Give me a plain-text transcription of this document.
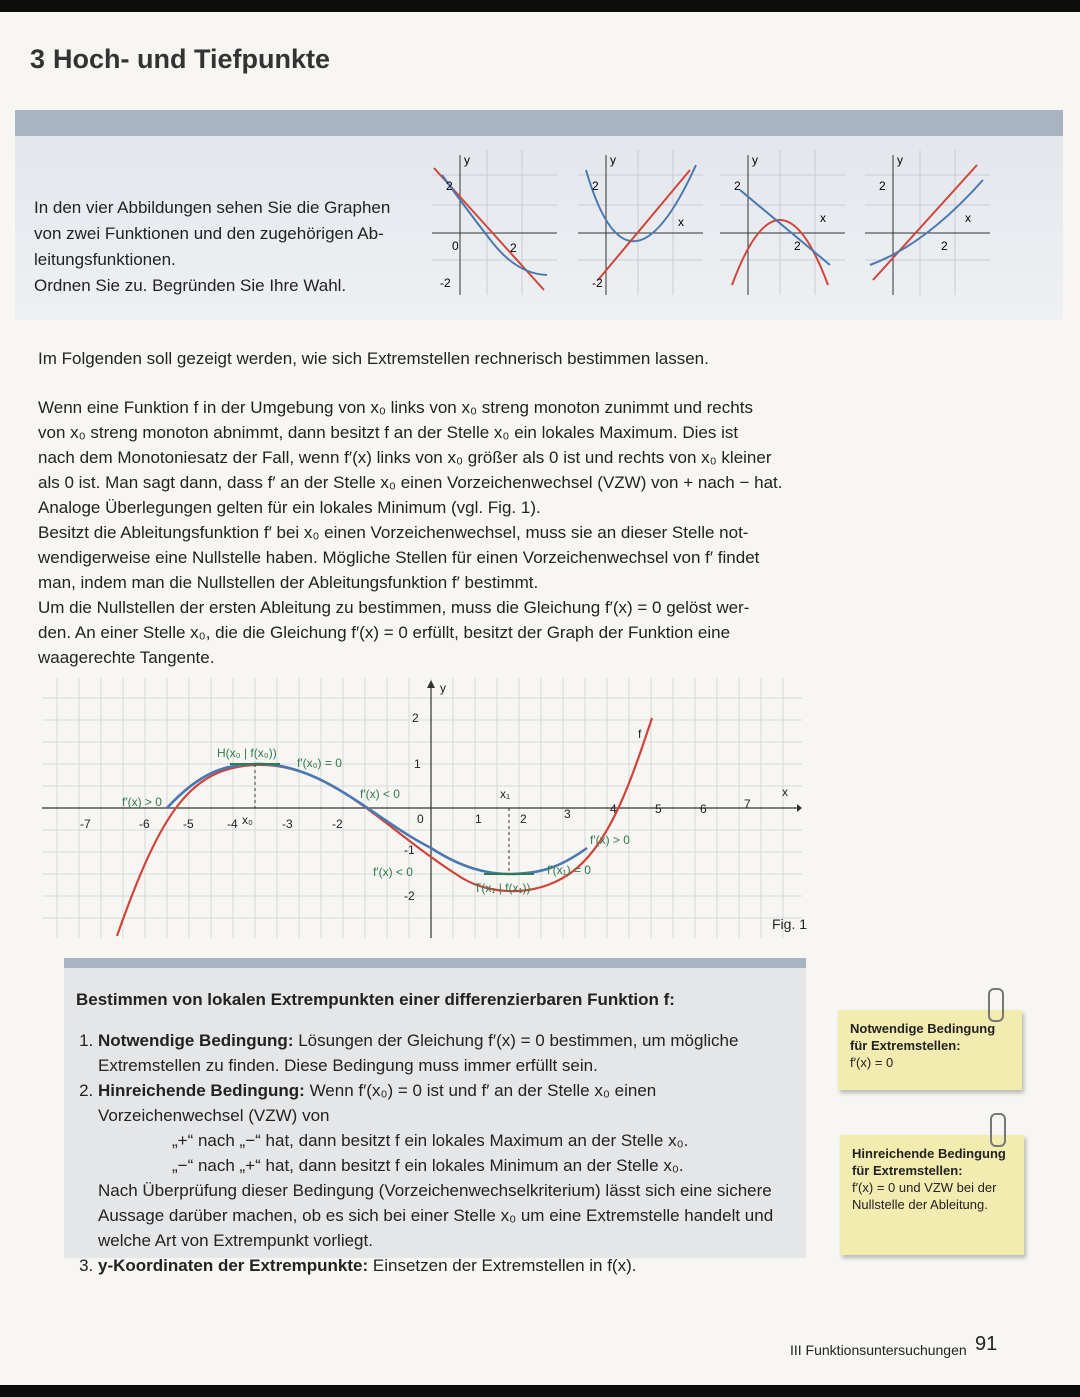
3 Hoch- und Tiefpunkte
In den vier Abbildungen sehen Sie die Graphen
von zwei Funktionen und den zugehörigen Ab-
leitungsfunktionen.
Ordnen Sie zu. Begründen Sie Ihre Wahl.
y
2
0
-2
2
y
2
x
-2
y
2
x
2
y
2
x
2
Im Folgenden soll gezeigt werden, wie sich Extremstellen rechnerisch bestimmen lassen.
Wenn eine Funktion f in der Umgebung von x₀ links von x₀ streng monoton zunimmt und rechts
von x₀ streng monoton abnimmt, dann besitzt f an der Stelle x₀ ein lokales Maximum. Dies ist
nach dem Monotoniesatz der Fall, wenn f′(x) links von x₀ größer als 0 ist und rechts von x₀ kleiner
als 0 ist. Man sagt dann, dass f′ an der Stelle x₀ einen Vorzeichenwechsel (VZW) von + nach − hat.
Analoge Überlegungen gelten für ein lokales Minimum (vgl. Fig. 1).
Besitzt die Ableitungsfunktion f′ bei x₀ einen Vorzeichenwechsel, muss sie an dieser Stelle not-
wendigerweise eine Nullstelle haben. Mögliche Stellen für einen Vorzeichenwechsel von f′ findet
man, indem man die Nullstellen der Ableitungsfunktion f′ bestimmt.
Um die Nullstellen der ersten Ableitung zu bestimmen, muss die Gleichung f′(x) = 0 gelöst wer-
den. An einer Stelle x₀, die die Gleichung f′(x) = 0 erfüllt, besitzt der Graph der Funktion eine
waagerechte Tangente.
-7	-6	-5	-4	-3	-2	1	2	3	4	5	6	7
2
1
-1
-2
0
y
x
f
x₀
x₁
H(x₀ | f(x₀))
f′(x₀) = 0
f′(x) > 0
f′(x) < 0
f′(x) < 0
f′(x) > 0
f′(x₁) = 0
T(x₁ | f(x₁))
Fig. 1
Bestimmen von lokalen Extrempunkten einer differenzierbaren Funktion f:
1. Notwendige Bedingung: Lösungen der Gleichung f′(x) = 0 bestimmen, um mögliche Extremstellen zu finden. Diese Bedingung muss immer erfüllt sein.
2. Hinreichende Bedingung: Wenn f′(x₀) = 0 ist und f′ an der Stelle x₀ einen Vorzeichenwechsel (VZW) von
„+“ nach „−“ hat, dann besitzt f ein lokales Maximum an der Stelle x₀.
„−“ nach „+“ hat, dann besitzt f ein lokales Minimum an der Stelle x₀.
Nach Überprüfung dieser Bedingung (Vorzeichenwechselkriterium) lässt sich eine sichere Aussage darüber machen, ob es sich bei einer Stelle x₀ um eine Extremstelle handelt und welche Art von Extrempunkt vorliegt.
3. y-Koordinaten der Extrempunkte: Einsetzen der Extremstellen in f(x).
Notwendige Bedingung für Extremstellen:
f′(x) = 0
Hinreichende Bedingung für Extremstellen:
f′(x) = 0 und VZW bei der Nullstelle der Ableitung.
III Funktionsuntersuchungen 91
